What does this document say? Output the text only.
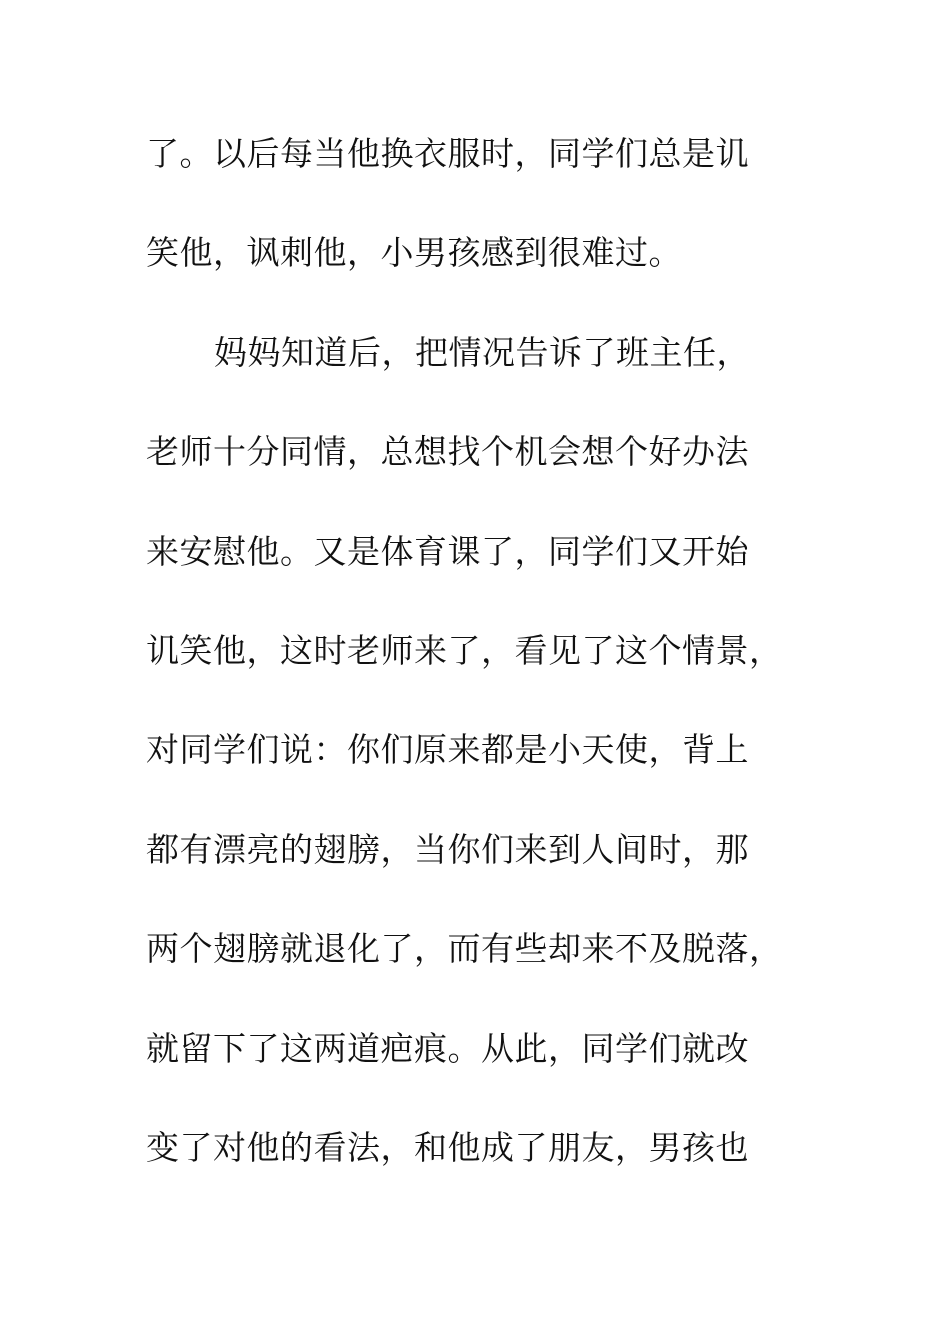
了。以后每当他换衣服时，同学们总是讥

笑他，讽刺他，小男孩感到很难过。

妈妈知道后，把情况告诉了班主任，

老师十分同情，总想找个机会想个好办法

来安慰他。又是体育课了，同学们又开始

讥笑他，这时老师来了，看见了这个情景，

对同学们说：你们原来都是小天使，背上

都有漂亮的翅膀，当你们来到人间时，那

两个翅膀就退化了，而有些却来不及脱落，

就留下了这两道疤痕。从此，同学们就改

变了对他的看法，和他成了朋友，男孩也
